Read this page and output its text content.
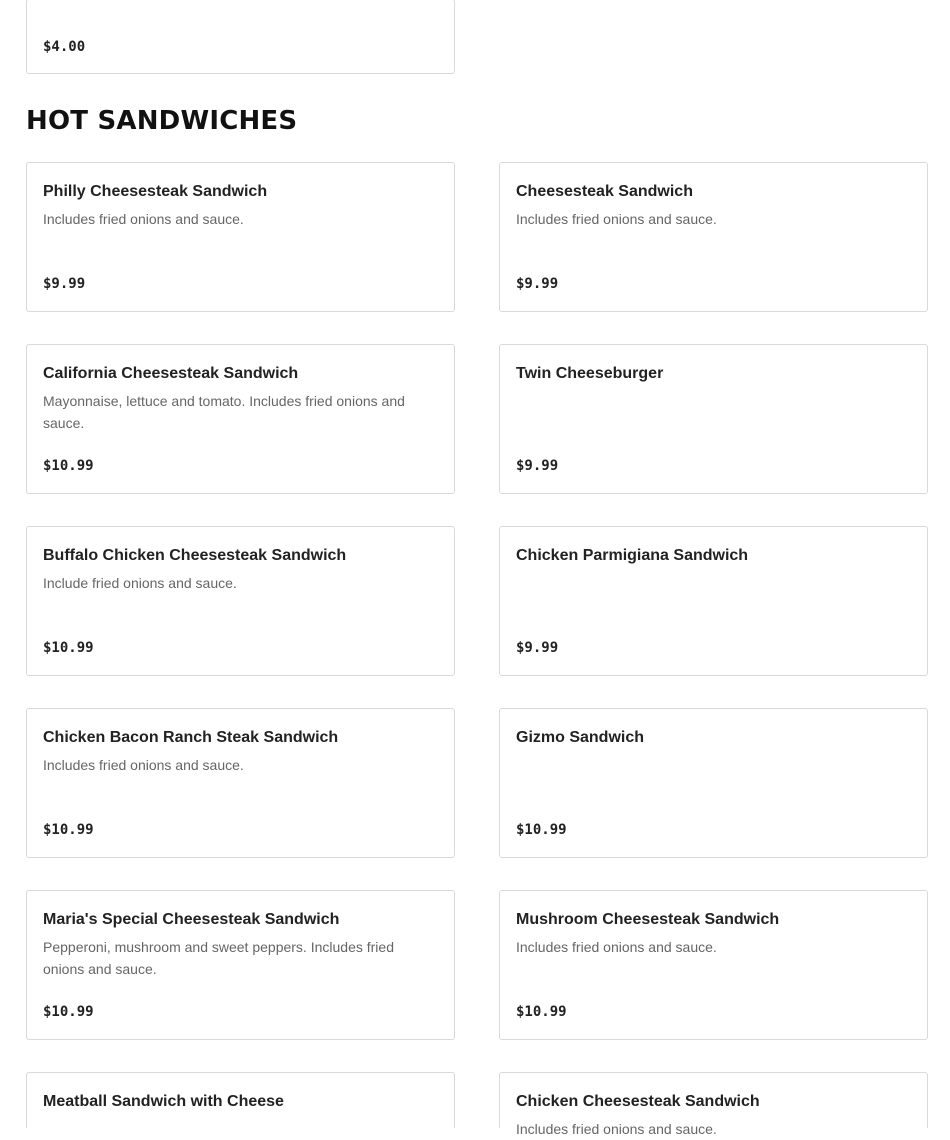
$4.00
HOT SANDWICHES
Philly Cheesesteak Sandwich
Includes fried onions and sauce.
$9.99
Cheesesteak Sandwich
Includes fried onions and sauce.
$9.99
California Cheesesteak Sandwich
Mayonnaise, lettuce and tomato. Includes fried onions and sauce.
$10.99
Twin Cheeseburger
$9.99
Buffalo Chicken Cheesesteak Sandwich
Include fried onions and sauce.
$10.99
Chicken Parmigiana Sandwich
$9.99
Chicken Bacon Ranch Steak Sandwich
Includes fried onions and sauce.
$10.99
Gizmo Sandwich
$10.99
Maria's Special Cheesesteak Sandwich
Pepperoni, mushroom and sweet peppers. Includes fried onions and sauce.
$10.99
Mushroom Cheesesteak Sandwich
Includes fried onions and sauce.
$10.99
Meatball Sandwich with Cheese	Chicken Cheesesteak Sandwich
Includes fried onions and sauce.
